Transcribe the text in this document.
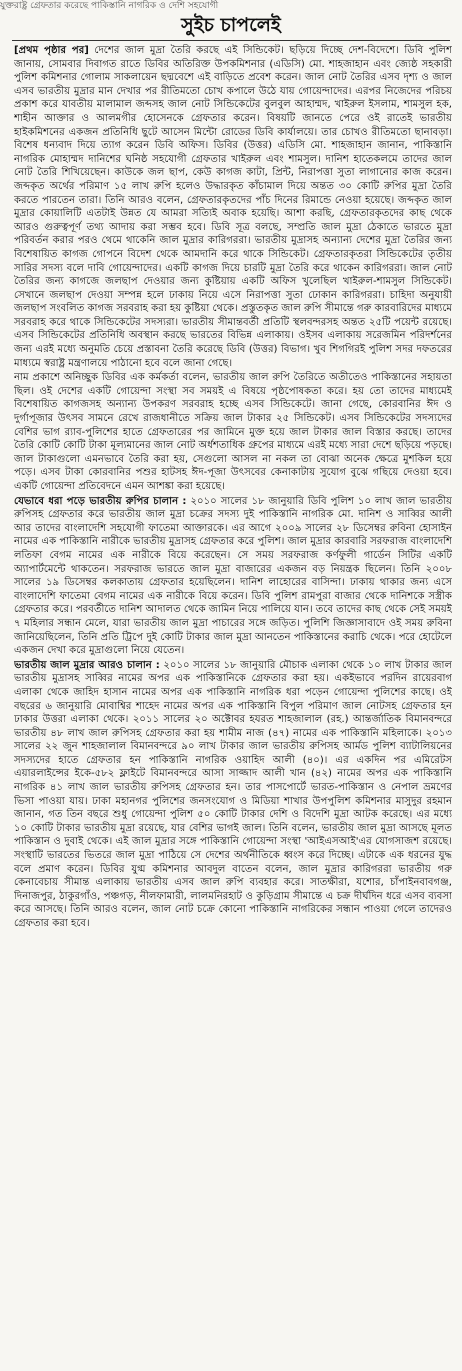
যুক্তরাষ্ট্র গ্রেফতার করেছে পাকিস্তানি নাগরিক ও দেশি সহযোগী

সুইচ চাপলেই

[প্রথম পৃষ্ঠার পর] দেশের জাল মুদ্রা তৈরি করছে এই সিন্ডিকেট। ছড়িয়ে দিচ্ছে দেশ-বিদেশে। ডিবি পুলিশ জানায়, সোমবার দিবাগত রাতে ডিবির অতিরিক্ত উপকমিশনার (এডিসি) মো. শাহজাহান এবং জ্যেষ্ঠ সহকারী পুলিশ কমিশনার গোলাম সাকলায়েন ছদ্মবেশে এই বাড়িতে প্রবেশ করেন। জাল নোট তৈরির এসব দৃশ্য ও জাল এসব ভারতীয় মুদ্রার মান দেখার পর রীতিমতো চোখ কপালে উঠে যায় গোয়েন্দাদের। এরপর নিজেদের পরিচয় প্রকাশ করে যাবতীয় মালামাল জব্দসহ জাল নোট সিন্ডিকেটের বুলবুল আহাম্মদ, খাইরুল ইসলাম, শামসুল হক, শাহীন আক্তার ও আলমগীর হোসেনকে গ্রেফতার করেন। বিষয়টি জানতে পেরে ওই রাতেই ভারতীয় হাইকমিশনের একজন প্রতিনিধি ছুটে আসেন মিন্টো রোডের ডিবি কার্যালয়ে। তার চোখও রীতিমতো ছানাবড়া। বিশেষ ধন্যবাদ দিয়ে ত্যাগ করেন ডিবি অফিস। ডিবির (উত্তর) এডিসি মো. শাহজাহান জানান, পাকিস্তানি নাগরিক মোহাম্মদ দানিশের ঘনিষ্ঠ সহযোগী গ্রেফতার খাইরুল এবং শামসুল। দানিশ হাতেকলমে তাদের জাল নোট তৈরি শিখিয়েছেন। কাউকে জল ছাপ, কেউ কাগজ কাটা, প্রিন্ট, নিরাপত্তা সুতা লাগানোর কাজ করেন। জব্দকৃত অর্থের পরিমাণ ১৫ লাখ রুপি হলেও উদ্ধারকৃত কাঁচামাল দিয়ে অন্তত ৩০ কোটি রুপির মুদ্রা তৈরি করতে পারতেন তারা। তিনি আরও বলেন, গ্রেফতারকৃতদের পাঁচ দিনের রিমান্ডে নেওয়া হয়েছে। জব্দকৃত জাল মুদ্রার কোয়ালিটি এতটাই উন্নত যে আমরা সত্যিই অবাক হয়েছি। আশা করছি, গ্রেফতারকৃতদের কাছ থেকে আরও গুরুত্বপূর্ণ তথ্য আদায় করা সম্ভব হবে। ডিবি সূত্র বলছে, সম্প্রতি জাল মুদ্রা ঠেকাতে ভারতে মুদ্রা পরিবর্তন করার পরও থেমে থাকেনি জাল মুদ্রার কারিগররা। ভারতীয় মুদ্রাসহ অন্যান্য দেশের মুদ্রা তৈরির জন্য বিশেষায়িত কাগজ গোপনে বিদেশ থেকে আমদানি করে থাকে সিন্ডিকেট। গ্রেফতারকৃতরা সিন্ডিকেটের তৃতীয় সারির সদস্য বলে দাবি গোয়েন্দাদের। একটি কাগজ দিয়ে চারটি মুদ্রা তৈরি করে থাকেন কারিগররা। জাল নোট তৈরির জন্য কাগজে জলছাপ দেওয়ার জন্য কুষ্টিয়ায় একটি অফিস খুলেছিল খাইরুল-শামসুল সিন্ডিকেট। সেখানে জলছাপ দেওয়া সম্পন্ন হলে ঢাকায় নিয়ে এসে নিরাপত্তা সুতা ঢোকান কারিগররা। চাহিদা অনুযায়ী জলছাপ সংবলিত কাগজ সরবরাহ করা হয় কুষ্টিয়া থেকে। প্রস্তুতকৃত জাল রুপি সীমান্তে গরু কারবারিদের মাধ্যমে সরবরাহ করে থাকে সিন্ডিকেটের সদস্যরা। ভারতীয় সীমান্তবর্তী প্রতিটি স্থলবন্দরসহ অন্তত ২৫টি পয়েন্ট রয়েছে। এসব সিন্ডিকেটের প্রতিনিধি অবস্থান করছে ভারতের বিভিন্ন এলাকায়। ওইসব এলাকায় সরেজমিন পরিদর্শনের জন্য এরই মধ্যে অনুমতি চেয়ে প্রস্তাবনা তৈরি করেছে ডিবি (উত্তর) বিভাগ। খুব শিগগিরই পুলিশ সদর দফতরের মাধ্যমে স্বরাষ্ট্র মন্ত্রণালয়ে পাঠানো হবে বলে জানা গেছে।

নাম প্রকাশে অনিচ্ছুক ডিবির এক কর্মকর্তা বলেন, ভারতীয় জাল রুপি তৈরিতে অতীতেও পাকিস্তানের সহায়তা ছিল। ওই দেশের একটি গোয়েন্দা সংস্থা সব সময়ই এ বিষয়ে পৃষ্ঠপোষকতা করে। হয় তো তাদের মাধ্যমেই বিশেষায়িত কাগজসহ অন্যান্য উপকরণ সরবরাহ হচ্ছে এসব সিন্ডিকেটে। জানা গেছে, কোরবানির ঈদ ও দুর্গাপূজার উৎসব সামনে রেখে রাজধানীতে সক্রিয় জাল টাকার ২৫ সিন্ডিকেট। এসব সিন্ডিকেটের সদস্যদের বেশির ভাগ র‌্যাব-পুলিশের হাতে গ্রেফতারের পর জামিনে মুক্ত হয়ে জাল টাকার জাল বিস্তার করছে। তাদের তৈরি কোটি কোটি টাকা মূল্যমানের জাল নোট অর্ধশতাধিক গ্রুপের মাধ্যমে এরই মধ্যে সারা দেশে ছড়িয়ে পড়ছে। জাল টাকাগুলো এমনভাবে তৈরি করা হয়, সেগুলো আসল না নকল তা বোঝা অনেক ক্ষেত্রে মুশকিল হয়ে পড়ে। এসব টাকা কোরবানির পশুর হাটসহ ঈদ-পূজা উৎসবের কেনাকাটায় সুযোগ বুঝে গছিয়ে দেওয়া হবে। একটি গোয়েন্দা প্রতিবেদনে এমন আশঙ্কা করা হয়েছে।

যেভাবে ধরা পড়ে ভারতীয় রুপির চালান : ২০১০ সালের ১৮ জানুয়ারি ডিবি পুলিশ ১০ লাখ জাল ভারতীয় রুপিসহ গ্রেফতার করে ভারতীয় জাল মুদ্রা চক্রের সদস্য দুই পাকিস্তানি নাগরিক মো. দানিশ ও সাব্বির আলী আর তাদের বাংলাদেশি সহযোগী ফাতেমা আক্তারকে। এর আগে ২০০৯ সালের ২৮ ডিসেম্বর রুবিনা হোসাইন নামের এক পাকিস্তানি নারীকে ভারতীয় মুদ্রাসহ গ্রেফতার করে পুলিশ। জাল মুদ্রার কারবারি সরফরাজ বাংলাদেশি লতিফা বেগম নামের এক নারীকে বিয়ে করেছেন। সে সময় সরফরাজ কর্ণফুলী গার্ডেন সিটির একটি অ্যাপার্টমেন্টে থাকতেন। সরফরাজ ভারতে জাল মুদ্রা বাজারের একজন বড় নিয়ন্ত্রক ছিলেন। তিনি ২০০৮ সালের ১৯ ডিসেম্বর কলকাতায় গ্রেফতার হয়েছিলেন। দানিশ লাহোরের বাসিন্দা। ঢাকায় থাকার জন্য এসে বাংলাদেশি ফাতেমা বেগম নামের এক নারীকে বিয়ে করেন। ডিবি পুলিশ রামপুরা বাজার থেকে দানিশকে সস্ত্রীক গ্রেফতার করে। পরবর্তীতে দানিশ আদালত থেকে জামিন নিয়ে পালিয়ে যান। তবে তাদের কাছ থেকে সেই সময়ই ৭ মহিলার সন্ধান মেলে, যারা ভারতীয় জাল মুদ্রা পাচারের সঙ্গে জড়িত। পুলিশি জিজ্ঞাসাবাদে ওই সময় রুবিনা জানিয়েছিলেন, তিনি প্রতি ট্রিপে দুই কোটি টাকার জাল মুদ্রা আনতেন পাকিস্তানের করাচি থেকে। পরে হোটেলে একজন দেখা করে মুদ্রাগুলো নিয়ে যেতেন।

ভারতীয় জাল মুদ্রার আরও চালান : ২০১০ সালের ১৮ জানুয়ারি মৌচাক এলাকা থেকে ১০ লাখ টাকার জাল ভারতীয় মুদ্রাসহ সাব্বির নামের অপর এক পাকিস্তানিকে গ্রেফতার করা হয়। একইভাবে পরদিন রায়েরবাগ এলাকা থেকে জাহিদ হাসান নামের অপর এক পাকিস্তানি নাগরিক ধরা পড়েন গোয়েন্দা পুলিশের কাছে। ওই বছরের ৬ জানুয়ারি মোবাশ্বির শাহেদ নামের অপর এক পাকিস্তানি বিপুল পরিমাণ জাল নোটসহ গ্রেফতার হন ঢাকার উত্তরা এলাকা থেকে। ২০১১ সালের ২০ অক্টোবর হযরত শাহজালাল (রহ.) আন্তর্জাতিক বিমানবন্দরে ভারতীয় ৪৮ লাখ জাল রুপিসহ গ্রেফতার করা হয় শামীম নাজ (৪৭) নামের এক পাকিস্তানি মহিলাকে। ২০১৩ সালের ২২ জুন শাহজালাল বিমানবন্দরে ৯০ লাখ টাকার জাল ভারতীয় রুপিসহ আর্মড পুলিশ ব্যাটালিয়নের সদস্যদের হাতে গ্রেফতার হন পাকিস্তানি নাগরিক ওয়াহিদ আলী (৪০)। এর একদিন পর এমিরেটস এয়ারলাইন্সের ইকে-৫৮২ ফ্লাইটে বিমানবন্দরে আসা সাজ্জাদ আলী খান (৪২) নামের অপর এক পাকিস্তানি নাগরিক ৪১ লাখ জাল ভারতীয় রুপিসহ গ্রেফতার হন। তার পাসপোর্টে ভারত-পাকিস্তান ও নেপাল ভ্রমণের ভিসা পাওয়া যায়। ঢাকা মহানগর পুলিশের জনসংযোগ ও মিডিয়া শাখার উপপুলিশ কমিশনার মাসুদুর রহমান জানান, গত তিন বছরে শুধু গোয়েন্দা পুলিশ ৫০ কোটি টাকার দেশি ও বিদেশি মুদ্রা আটক করেছে। এর মধ্যে ১০ কোটি টাকার ভারতীয় মুদ্রা রয়েছে, যার বেশির ভাগই জাল। তিনি বলেন, ভারতীয় জাল মুদ্রা আসছে মূলত পাকিস্তান ও দুবাই থেকে। এই জাল মুদ্রার সঙ্গে পাকিস্তানি গোয়েন্দা সংস্থা 'আইএসআই'এর যোগসাজশ রয়েছে। সংস্থাটি ভারতের ভিতরে জাল মুদ্রা পাঠিয়ে সে দেশের অর্থনীতিকে ধ্বংস করে দিচ্ছে। এটাকে এক ধরনের যুদ্ধ বলে প্রমাণ করেন। ডিবির যুগ্ম কমিশনার আবদুল বাতেন বলেন, জাল মুদ্রার কারিগররা ভারতীয় গরু কেনাবেচায় সীমান্ত এলাকায় ভারতীয় এসব জাল রুপি ব্যবহার করে। সাতক্ষীরা, যশোর, চাঁপাইনবাবগঞ্জ, দিনাজপুর, ঠাকুরগাঁও, পঞ্চগড়, নীলফামারী, লালমনিরহাট ও কুড়িগ্রাম সীমান্তে এ চক্র দীর্ঘদিন ধরে এসব ব্যবসা করে আসছে। তিনি আরও বলেন, জাল নোট চক্রে কোনো পাকিস্তানি নাগরিকের সন্ধান পাওয়া গেলে তাদেরও গ্রেফতার করা হবে।
